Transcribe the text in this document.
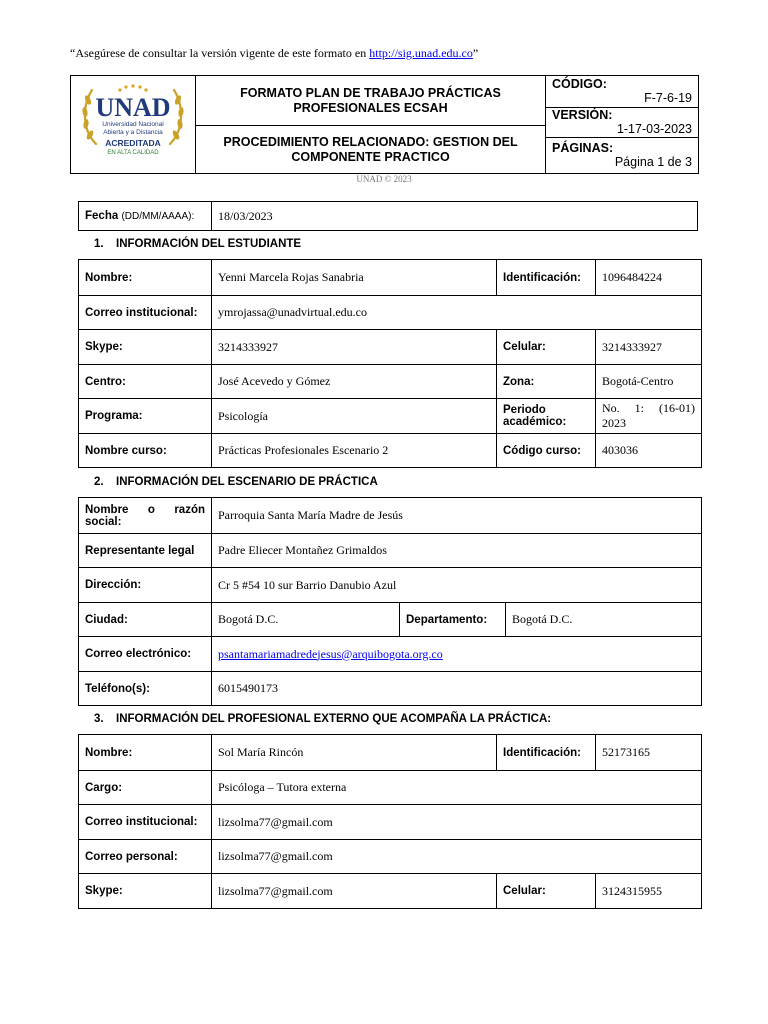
“Asegúrese de consultar la versión vigente de este formato en http://sig.unad.edu.co”
UNAD
Universidad Nacional
Abierta y a Distancia
ACREDITADA
EN ALTA CALIDAD
	FORMATO PLAN DE TRABAJO PRÁCTICAS PROFESIONALES ECSAH	
CÓDIGO:
F-7-6-19

VERSIÓN:
1-17-03-2023

PROCEDIMIENTO RELACIONADO: GESTION DEL COMPONENTE PRACTICO

PÁGINAS:
Página 1 de 3

UNAD © 2023
Fecha (DD/MM/AAAA):	18/03/2023
1. INFORMACIÓN DEL ESTUDIANTE
Nombre:	Yenni Marcela Rojas Sanabria	Identificación:	1096484224
Correo institucional:	ymrojassa@unadvirtual.edu.co		
Skype:	3214333927	Celular:	3214333927
Centro:	José Acevedo y Gómez	Zona:	Bogotá-Centro
Programa:	Psicología	Periodo académico:	No. 1: (16-01) 2023
Nombre curso:	Prácticas Profesionales Escenario 2	Código curso:	403036
2. INFORMACIÓN DEL ESCENARIO DE PRÁCTICA
Nombre o razón social:	Parroquia Santa María Madre de Jesús		
Representante legal	Padre Eliecer Montañez Grimaldos		
Dirección:	Cr 5 #54 10 sur Barrio Danubio Azul		
Ciudad:	Bogotá D.C.	Departamento:	Bogotá D.C.
Correo electrónico:	psantamariamadredejesus@arquibogota.org.co		
Teléfono(s):	6015490173		
3. INFORMACIÓN DEL PROFESIONAL EXTERNO QUE ACOMPAÑA LA PRÁCTICA:
Nombre:	Sol María Rincón	Identificación:	52173165
Cargo:	Psicóloga – Tutora externa		
Correo institucional:	lizsolma77@gmail.com		
Correo personal:	lizsolma77@gmail.com		
Skype:	lizsolma77@gmail.com	Celular:	3124315955
